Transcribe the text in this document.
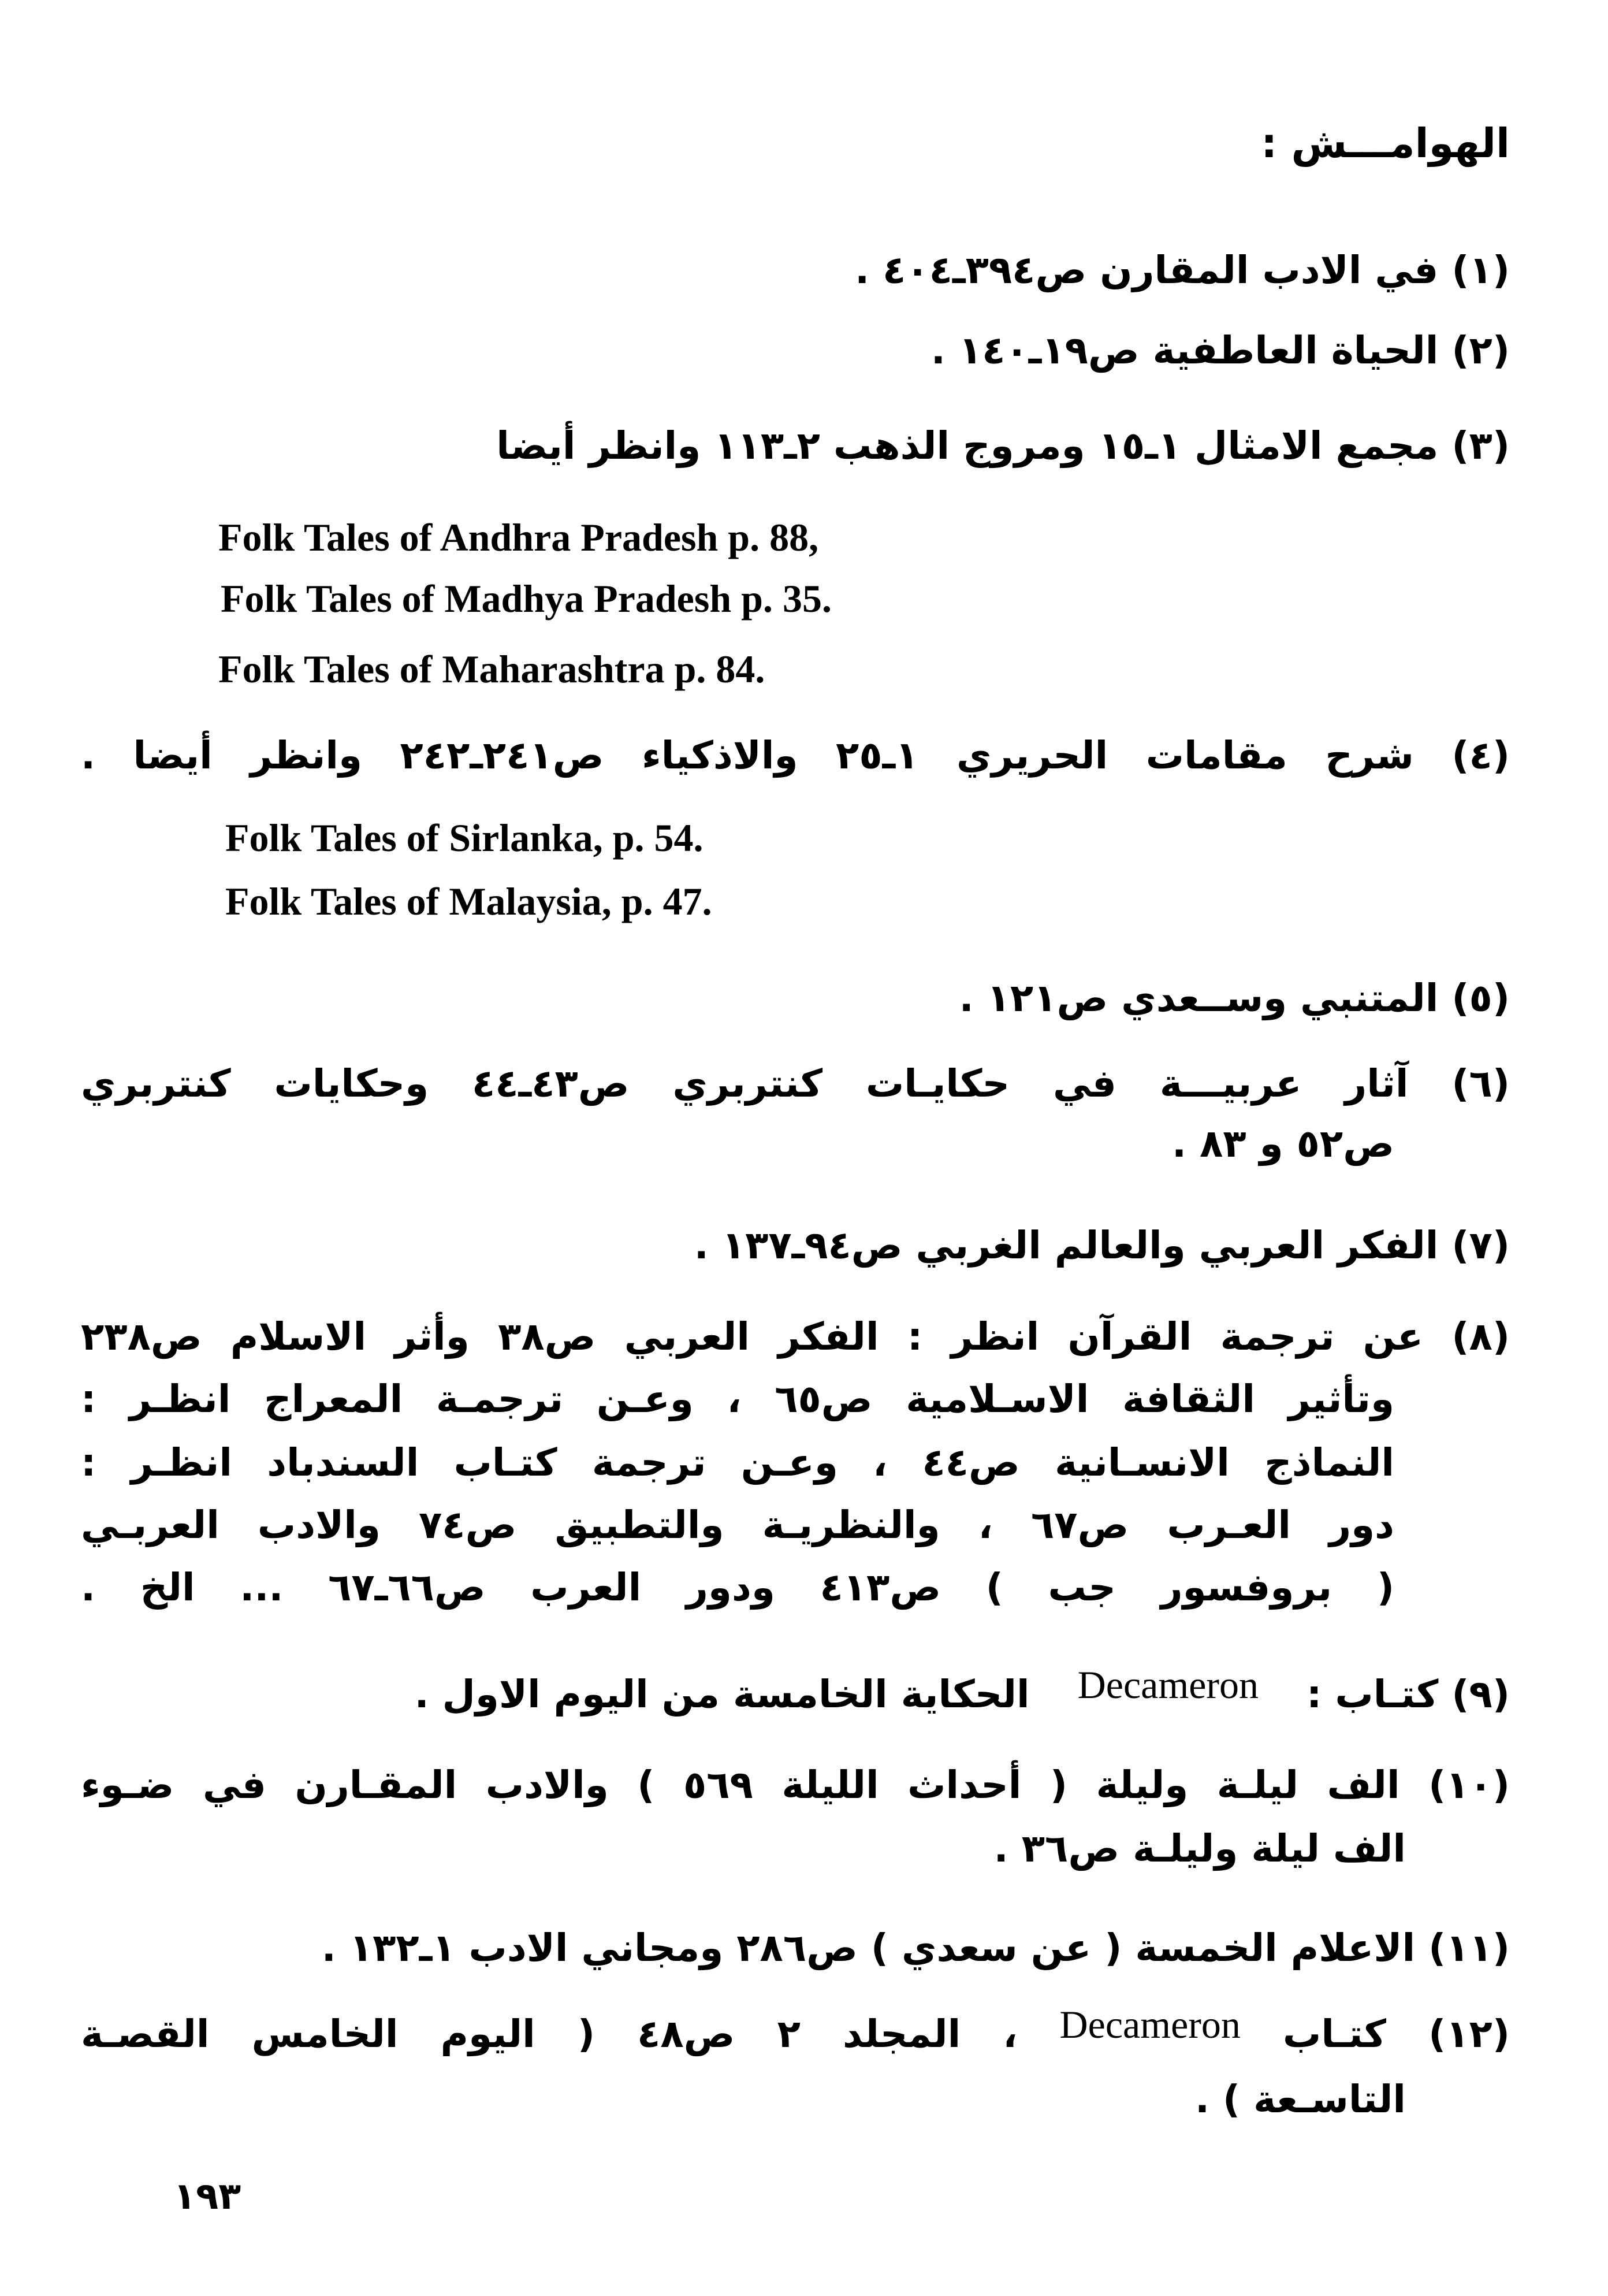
الهوامـــش :
(١) في الادب المقارن ص٣٩٤ـ٤٠٤ .
(٢) الحياة العاطفية ص١٩ـ١٤٠ .
(٣) مجمع الامثال ١ـ١٥ ومروج الذهب ٢ـ١١٣ وانظر أيضا
Folk Tales of Andhra Pradesh p. 88,
Folk Tales of Madhya Pradesh p. 35.
Folk Tales of Maharashtra p. 84.
(٤) شرح مقامات الحريري ١ـ٢٥ والاذكياء ص٢٤١ـ٢٤٢ وانظر أيضا .
Folk Tales of Sirlanka, p. 54.
Folk Tales of Malaysia, p. 47.
(٥) المتنبي وســعدي ص١٢١ .
(٦) آثار عربيـــة في حكايـات كنتربري ص٤٣ـ٤٤ وحكايات كنتربري
ص٥٢ و ٨٣ .
(٧) الفكر العربي والعالم الغربي ص٩٤ـ١٣٧ .
(٨) عن ترجمة القرآن انظر : الفكر العربي ص٣٨ وأثر الاسلام ص٢٣٨
وتأثير الثقافة الاسـلامية ص٦٥ ، وعـن ترجمـة المعراج انظـر :
النماذج الانسـانية ص٤٤ ، وعـن ترجمة كتـاب السندباد انظـر :
دور العـرب ص٦٧ ، والنظريـة والتطبيق ص٧٤ والادب العربـي
( بروفسور جب ) ص٤١٣ ودور العرب ص٦٦ـ٦٧ ... الخ .
(٩) كتـاب : Decameron الحكاية الخامسة من اليوم الاول .
(١٠) الف ليلـة وليلة ( أحداث الليلة ٥٦٩ ) والادب المقـارن في ضـوء
الف ليلة وليلـة ص٣٦ .
(١١) الاعلام الخمسة ( عن سعدي ) ص٢٨٦ ومجاني الادب ١ـ١٣٢ .
(١٢) كتـاب Decameron ، المجلد ٢ ص٤٨ ( اليوم الخامس القصـة
التاسـعة ) .
١٩٣
